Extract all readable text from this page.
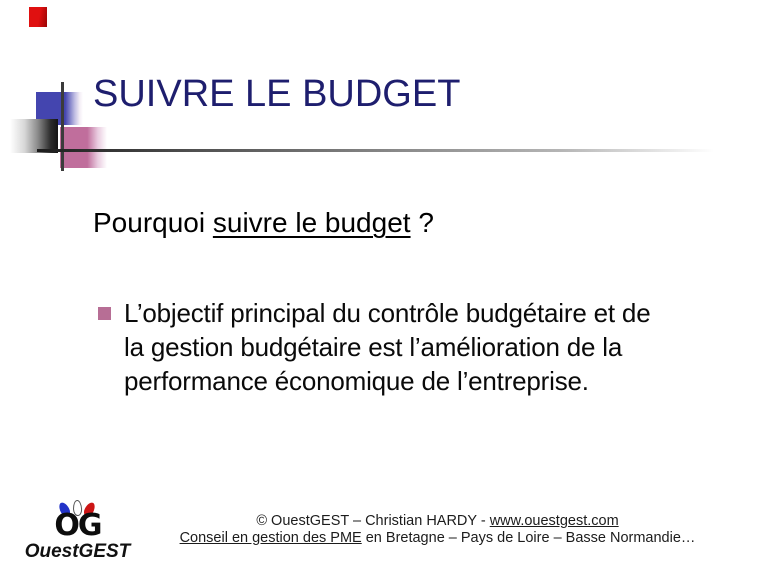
SUIVRE LE BUDGET
Pourquoi suivre le budget ?
L’objectif principal du contrôle budgétaire et de
la gestion budgétaire est l’amélioration de la
performance économique de l’entreprise.
OG
OuestGEST
© OuestGEST – Christian HARDY - www.ouestgest.com
Conseil en gestion des PME en Bretagne – Pays de Loire – Basse Normandie…
